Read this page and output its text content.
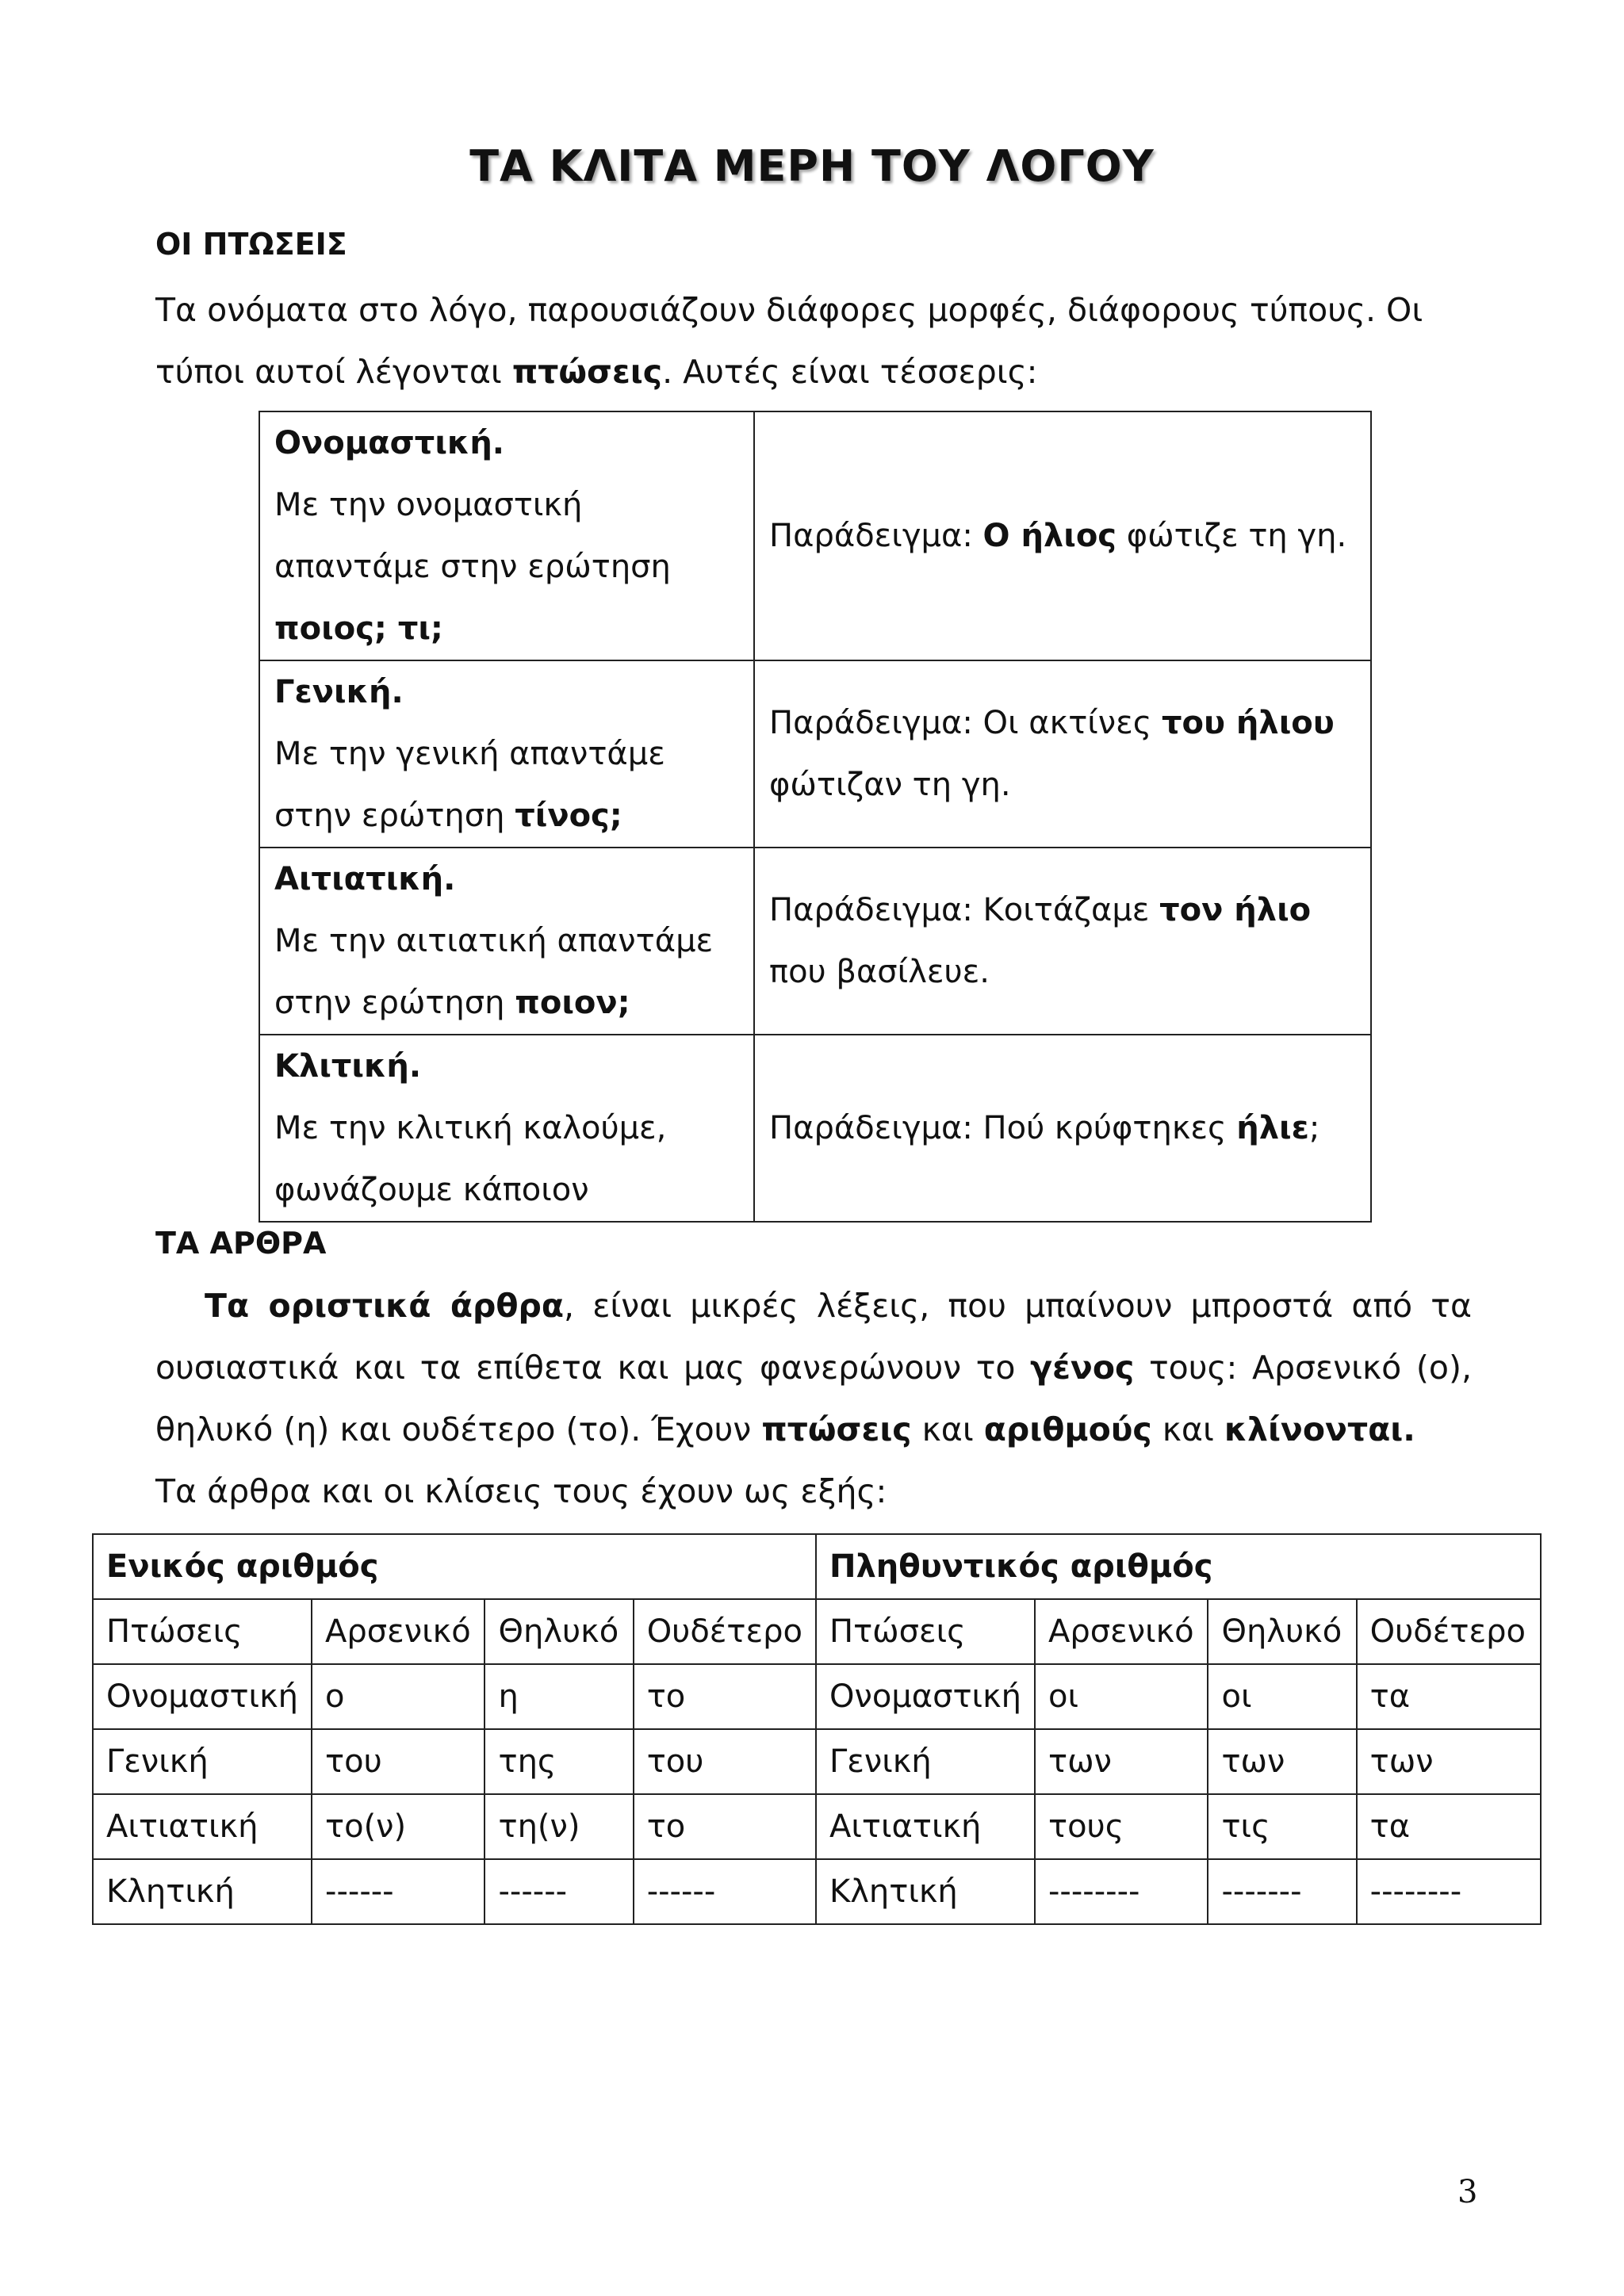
ΤΑ ΚΛΙΤΑ ΜΕΡΗ ΤΟΥ ΛΟΓΟΥ
ΟΙ ΠΤΩΣΕΙΣ
Τα ονόματα στο λόγο, παρουσιάζουν διάφορες μορφές, διάφορους τύπους. Οι τύποι αυτοί λέγονται πτώσεις. Αυτές είναι τέσσερις:
Ονομαστική.
Με την ονομαστική απαντάμε στην ερώτηση ποιος; τι;	Παράδειγμα: Ο ήλιος φώτιζε τη γη.
Γενική.
Με την γενική απαντάμε στην ερώτηση τίνος;	Παράδειγμα: Οι ακτίνες του ήλιου φώτιζαν τη γη.
Αιτιατική.
Με την αιτιατική απαντάμε στην ερώτηση ποιον;	Παράδειγμα: Κοιτάζαμε τον ήλιο που βασίλευε.
Κλιτική.
Με την κλιτική καλούμε, φωνάζουμε κάποιον	Παράδειγμα: Πού κρύφτηκες ήλιε;
ΤΑ ΑΡΘΡΑ
Τα οριστικά άρθρα, είναι μικρές λέξεις, που μπαίνουν μπροστά από τα ουσιαστικά και τα επίθετα και μας φανερώνουν το γένος τους: Αρσενικό (ο), θηλυκό (η) και ουδέτερο (το). Έχουν πτώσεις και αριθμούς και κλίνονται.
Τα άρθρα και οι κλίσεις τους έχουν ως εξής:
Ενικός αριθμός				Πληθυντικός αριθμός			
Πτώσεις	Αρσενικό	Θηλυκό	Ουδέτερο	Πτώσεις	Αρσενικό	Θηλυκό	Ουδέτερο
Ονομαστική	ο	η	το	Ονομαστική	οι	οι	τα
Γενική	του	της	του	Γενική	των	των	των
Αιτιατική	το(ν)	τη(ν)	το	Αιτιατική	τους	τις	τα
Κλητική	------	------	------	Κλητική	--------	-------	--------
3
